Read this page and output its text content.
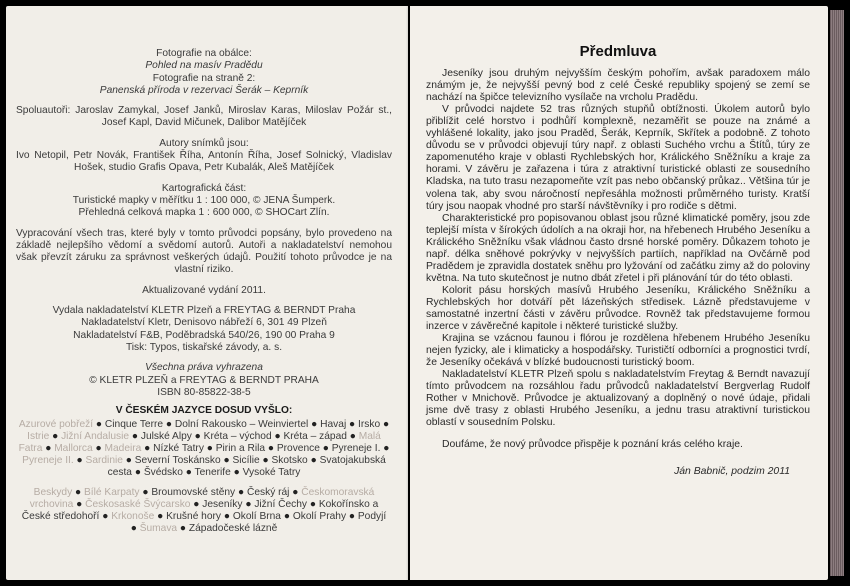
Fotografie na obálce:

Pohled na masív Pradědu

Fotografie na straně 2:

Panenská příroda v rezervaci Šerák – Keprník

Spoluautoři: Jaroslav Zamykal, Josef Janků, Miroslav Karas, Miloslav Požár st., Josef Kapl, David Mičunek, Dalibor Matějíček

Autory snímků jsou:

Ivo Netopil, Petr Novák, František Říha, Antonín Říha, Josef Solnický, Vladislav Hošek, studio Grafis Opava, Petr Kubalák, Aleš Matějíček

Kartografická část:

Turistické mapky v měřítku 1 : 100 000, © JENA Šumperk.

Přehledná celková mapka 1 : 600 000, © SHOCart Zlín.

Vypracování všech tras, které byly v tomto průvodci popsány, bylo provedeno na základě nejlepšího vědomí a svědomí autorů. Autoři a nakladatelství nemohou však převzít záruku za správnost veškerých údajů. Použití tohoto průvodce je na vlastní riziko.

Aktualizované vydání 2011.

Vydala nakladatelství KLETR Plzeň a FREYTAG & BERNDT Praha

Nakladatelství Kletr, Denisovo nábřeží 6, 301 49 Plzeň

Nakladatelství F&B, Poděbradská 540/26, 190 00 Praha 9

Tisk: Typos, tiskařské závody, a. s.

Všechna práva vyhrazena

© KLETR PLZEŇ a FREYTAG & BERNDT PRAHA

ISBN 80-85822-38-5

V ČESKÉM JAZYCE DOSUD VYŠLO:

Azurové pobřeží ● Cinque Terre ● Dolní Rakousko – Weinviertel ● Havaj ● Irsko ● Istrie ● Jižní Andalusie ● Julské Alpy ● Kréta – východ ● Kréta – západ ● Malá Fatra ● Mallorca ● Madeira ● Nízké Tatry ● Pirin a Rila ● Provence ● Pyreneje I. ● Pyreneje II. ● Sardinie ● Severní Toskánsko ● Sicílie ● Skotsko ● Svatojakubská cesta ● Švédsko ● Tenerife ● Vysoké Tatry

Beskydy ● Bílé Karpaty ● Broumovské stěny ● Český ráj ● Českomoravská vrchovina ● Českosaské Švýcarsko ● Jeseníky ● Jižní Čechy ● Kokořínsko a České středohoří ● Krkonoše ● Krušné hory ● Okolí Brna ● Okolí Prahy ● Podyjí ● Šumava ● Západočeské lázně

Předmluva

Jeseníky jsou druhým nejvyšším českým pohořím, avšak paradoxem málo známým je, že nejvyšší pevný bod z celé České republiky spojený se zemí se nachází na špičce televizního vysílače na vrcholu Pradědu.

V průvodci najdete 52 tras různých stupňů obtížnosti. Úkolem autorů bylo přiblížit celé horstvo i podhůří komplexně, nezaměřit se pouze na známé a vyhlášené lokality, jako jsou Praděd, Šerák, Keprník, Skřítek a podobně. Z tohoto důvodu se v průvodci objevují túry např. z oblasti Suchého vrchu a Štítů, túry ze zapomenutého kraje v oblasti Rychlebských hor, Králického Sněžníku a kraje za horami. V závěru je zařazena i túra z atraktivní turistické oblasti ze sousedního Kladska, na tuto trasu nezapomeňte vzít pas nebo občanský průkaz.. Většina túr je volena tak, aby svou náročností nepřesáhla možnosti průměrného turisty. Kratší túry jsou naopak vhodné pro starší návštěvníky i pro rodiče s dětmi.

Charakteristické pro popisovanou oblast jsou různé klimatické poměry, jsou zde teplejší místa v šírokých údolích a na okraji hor, na hřebenech Hrubého Jeseníku a Králického Sněžníku však vládnou často drsné horské poměry. Důkazem tohoto je např. délka sněhové pokrývky v nejvyšších partiích, například na Ovčárně pod Pradědem je zpravidla dostatek sněhu pro lyžování od začátku zimy až do poloviny května. Na tuto skutečnost je nutno dbát zřetel i při plánování túr do této oblasti.

Kolorit pásu horských masívů Hrubého Jeseníku, Králického Sněžníku a Rychlebských hor dotváří pět lázeňských středisek. Lázně představujeme v samostatné inzertní části v závěru průvodce. Rovněž tak představujeme formou inzerce v závěrečné kapitole i některé turistické služby.

Krajina se vzácnou faunou i flórou je rozdělena hřebenem Hrubého Jeseníku nejen fyzicky, ale i klimaticky a hospodářsky. Turističtí odborníci a prognostici tvrdí, že Jeseníky očekává v blízké budoucnosti turistický boom.

Nakladatelství KLETR Plzeň spolu s nakladatelstvím Freytag & Berndt navazují tímto průvodcem na rozsáhlou řadu průvodců nakladatelství Bergverlag Rudolf Rother v Mnichově. Průvodce je aktualizovaný a doplněný o nové údaje, přidali jsme dvě trasy z oblasti Hrubého Jeseníku, a jednu trasu atraktivní turistickou oblastí v sousedním Polsku.

Doufáme, že nový průvodce přispěje k poznání krás celého kraje.

Ján Babnič, podzim 2011
